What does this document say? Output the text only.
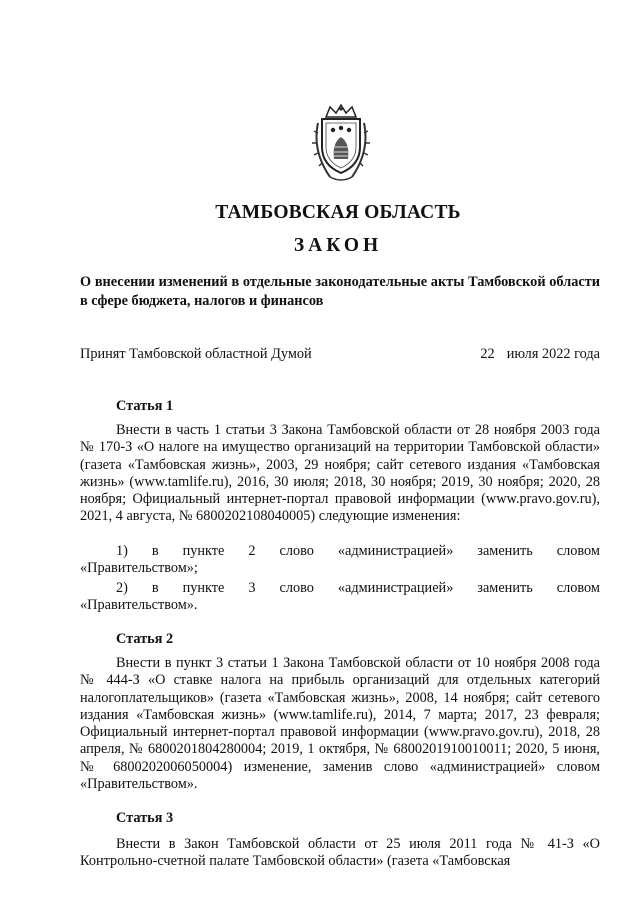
ТАМБОВСКАЯ ОБЛАСТЬ
ЗАКОН
О внесении изменений в отдельные законодательные акты Тамбовской области в сфере бюджета, налогов и финансов
Принят Тамбовской областной Думой	22 июля 2022 года
Статья 1
Внести в часть 1 статьи 3 Закона Тамбовской области от 28 ноября 2003 года № 170-З «О налоге на имущество организаций на территории Тамбовской области» (газета «Тамбовская жизнь», 2003, 29 ноября; сайт сетевого издания «Тамбовская жизнь» (www.tamlife.ru), 2016, 30 июля; 2018, 30 ноября; 2019, 30 ноября; 2020, 28 ноября; Официальный интернет-портал правовой информации (www.pravo.gov.ru), 2021, 4 августа, № 6800202108040005) следующие изменения:
1) в пункте 2 слово «администрацией» заменить словом
«Правительством»;
2) в пункте 3 слово «администрацией» заменить словом
«Правительством».
Статья 2
Внести в пункт 3 статьи 1 Закона Тамбовской области от 10 ноября 2008 года № 444-З «О ставке налога на прибыль организаций для отдельных категорий налогоплательщиков» (газета «Тамбовская жизнь», 2008, 14 ноября; сайт сетевого издания «Тамбовская жизнь» (www.tamlife.ru), 2014, 7 марта; 2017, 23 февраля; Официальный интернет-портал правовой информации (www.pravo.gov.ru), 2018, 28 апреля, № 6800201804280004; 2019, 1 октября, № 6800201910010011; 2020, 5 июня, № 6800202006050004) изменение, заменив слово «администрацией» словом «Правительством».
Статья 3
Внести в Закон Тамбовской области от 25 июля 2011 года № 41-З «О Контрольно-счетной палате Тамбовской области» (газета «Тамбовская
